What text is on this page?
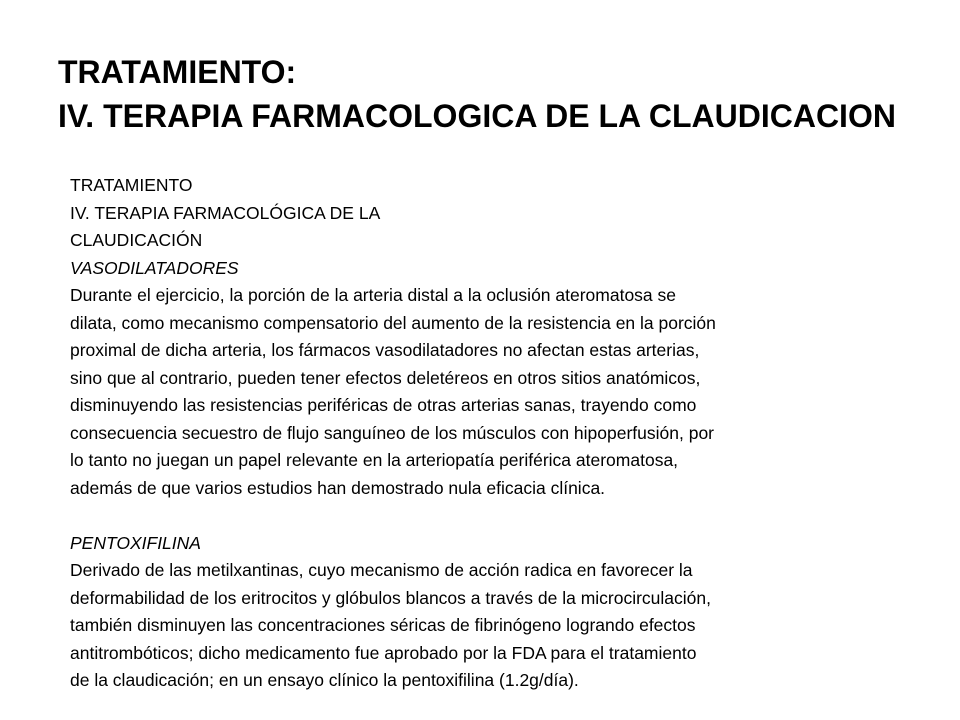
TRATAMIENTO:
IV. TERAPIA FARMACOLOGICA DE LA CLAUDICACION
TRATAMIENTO
IV. TERAPIA FARMACOLÓGICA DE LA
CLAUDICACIÓN
VASODILATADORES
Durante el ejercicio, la porción de la arteria distal a la oclusión ateromatosa se
dilata, como mecanismo compensatorio del aumento de la resistencia en la porción
proximal de dicha arteria, los fármacos vasodilatadores no afectan estas arterias,
sino que al contrario, pueden tener efectos deletéreos en otros sitios anatómicos,
disminuyendo las resistencias periféricas de otras arterias sanas, trayendo como
consecuencia secuestro de flujo sanguíneo de los músculos con hipoperfusión, por
lo tanto no juegan un papel relevante en la arteriopatía periférica ateromatosa,
además de que varios estudios han demostrado nula eficacia clínica.
PENTOXIFILINA
Derivado de las metilxantinas, cuyo mecanismo de acción radica en favorecer la
deformabilidad de los eritrocitos y glóbulos blancos a través de la microcirculación,
también disminuyen las concentraciones séricas de fibrinógeno logrando efectos
antitrombóticos; dicho medicamento fue aprobado por la FDA para el tratamiento
de la claudicación; en un ensayo clínico la pentoxifilina (1.2g/día).
